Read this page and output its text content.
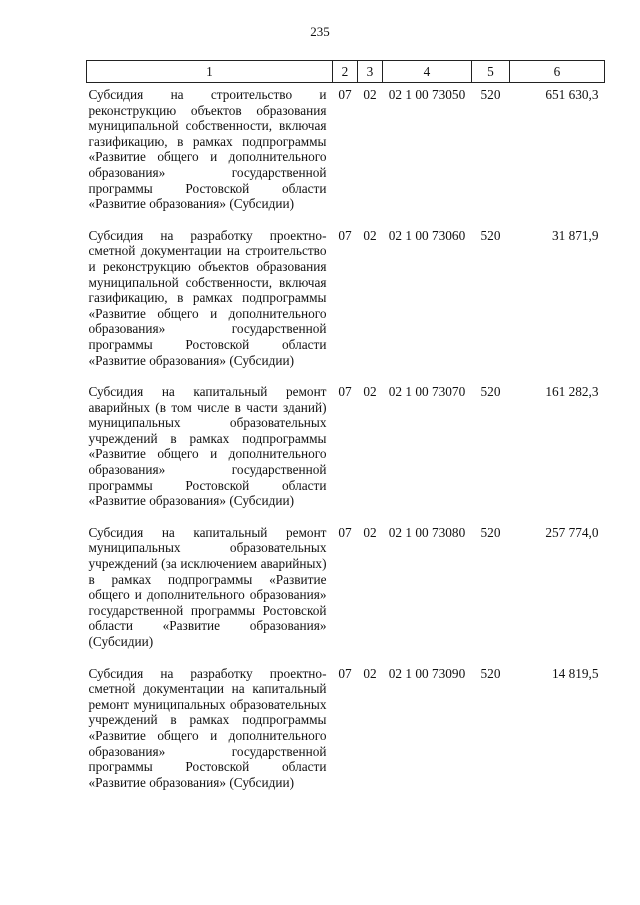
235
1	2	3	4	5	6
Субсидия на строительство и реконструкцию объектов образования муниципальной собственности, включая газификацию, в рамках подпрограммы «Развитие общего и дополнительного образования» государственной программы Ростовской области «Развитие образования» (Субсидии)	07	02	02 1 00 73050	520	651 630,3
Субсидия на разработку проектно-сметной документации на строительство и реконструкцию объектов образования муниципальной собственности, включая газификацию, в рамках подпрограммы «Развитие общего и дополнительного образования» государственной программы Ростовской области «Развитие образования» (Субсидии)	07	02	02 1 00 73060	520	31 871,9
Субсидия на капитальный ремонт аварийных (в том числе в части зданий) муниципальных образовательных учреждений в рамках подпрограммы «Развитие общего и дополнительного образования» государственной программы Ростовской области «Развитие образования» (Субсидии)	07	02	02 1 00 73070	520	161 282,3
Субсидия на капитальный ремонт муниципальных образовательных учреждений (за исключением аварийных) в рамках подпрограммы «Развитие общего и дополнительного образования» государственной программы Ростовской области «Развитие образования» (Субсидии)	07	02	02 1 00 73080	520	257 774,0
Субсидия на разработку проектно-сметной документации на капитальный ремонт муниципальных образовательных учреждений в рамках подпрограммы «Развитие общего и дополнительного образования» государственной программы Ростовской области «Развитие образования» (Субсидии)	07	02	02 1 00 73090	520	14 819,5
